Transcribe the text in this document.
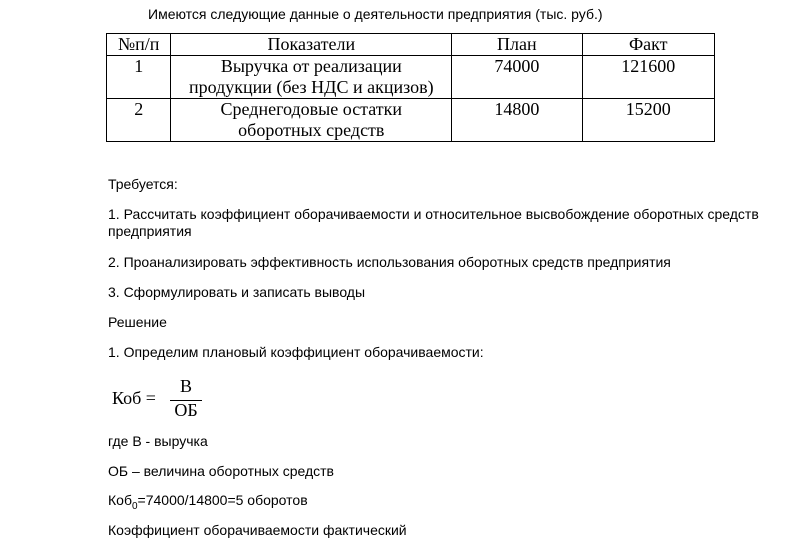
Имеются следующие данные о деятельности предприятия (тыс. руб.)
№п/п	Показатели	План	Факт
1	Выручка от реализации
продукции (без НДС и акцизов)	74000	121600
2	Среднегодовые остатки
оборотных средств	14800	15200
Требуется:
1. Рассчитать коэффициент оборачиваемости и относительное высвобождение оборотных средств предприятия
2. Проанализировать эффективность использования оборотных средств предприятия
3. Сформулировать и записать выводы
Решение
1. Определим плановый коэффициент оборачиваемости:
Коб =
В
ОБ
где В - выручка
ОБ – величина оборотных средств
Коб$_0$=74000/14800=5 оборотов
Коэффициент оборачиваемости фактический
